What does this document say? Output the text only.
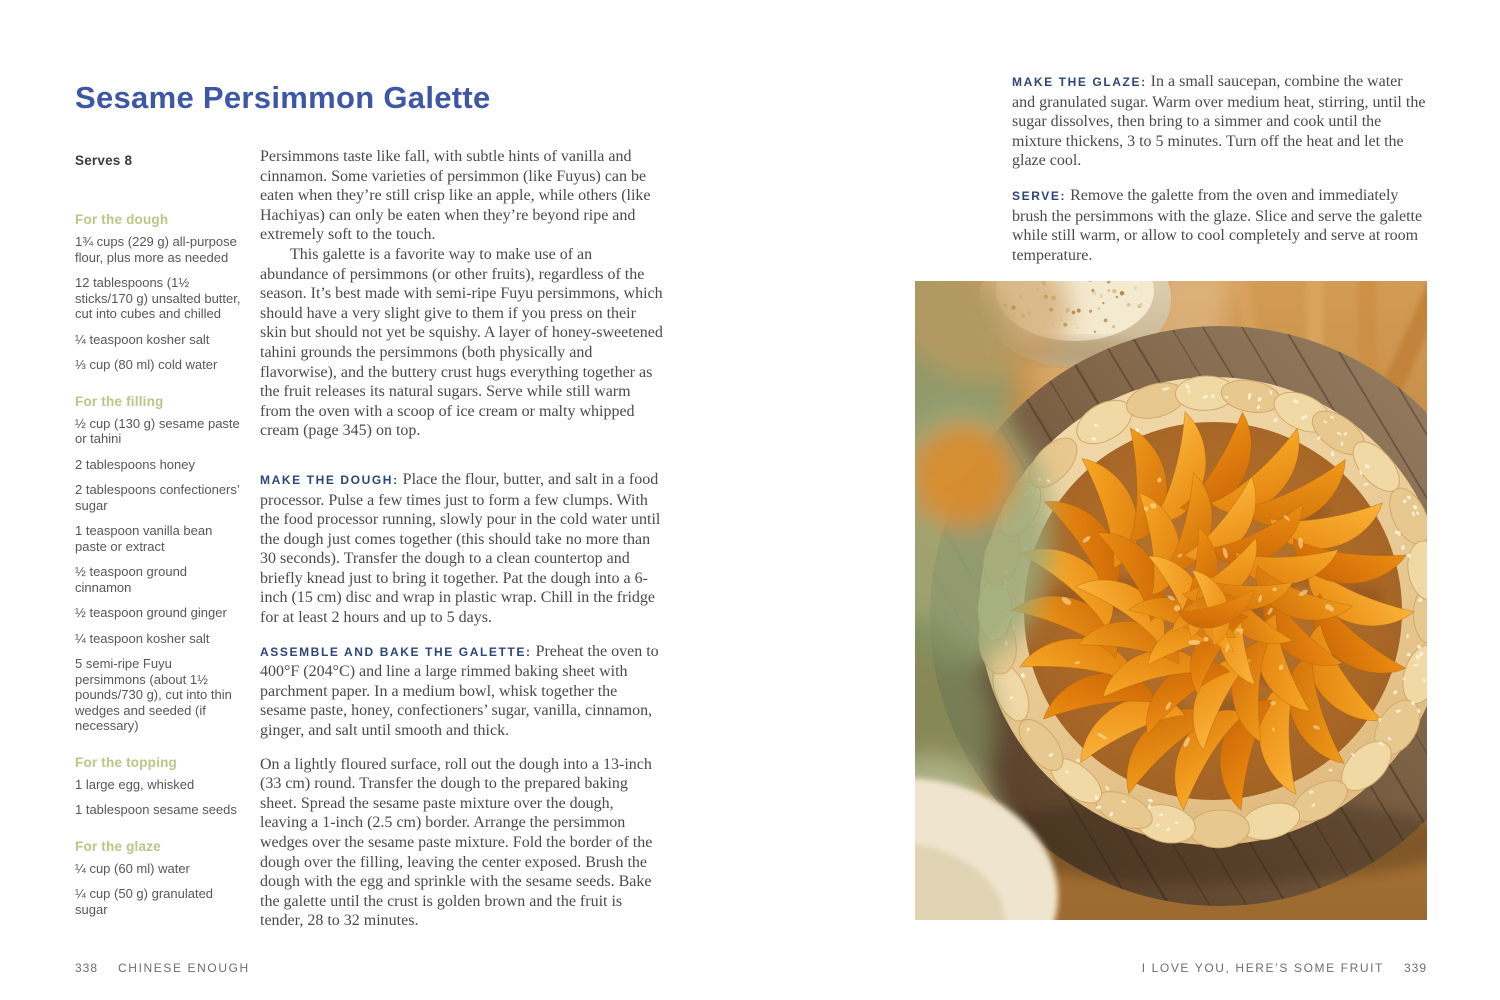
Sesame Persimmon Galette
Serves 8
For the dough

1¾ cups (229 g) all-purpose flour, plus more as needed

12 tablespoons (1½ sticks/170 g) unsalted butter, cut into cubes and chilled

¼ teaspoon kosher salt

⅓ cup (80 ml) cold water

For the filling

½ cup (130 g) sesame paste or tahini

2 tablespoons honey

2 tablespoons confectioners’ sugar

1 teaspoon vanilla bean paste or extract

½ teaspoon ground cinnamon

½ teaspoon ground ginger

¼ teaspoon kosher salt

5 semi-ripe Fuyu persimmons (about 1½ pounds/730 g), cut into thin wedges and seeded (if necessary)

For the topping

1 large egg, whisked

1 tablespoon sesame seeds

For the glaze

¼ cup (60 ml) water

¼ cup (50 g) granulated sugar

Persimmons taste like fall, with subtle hints of vanilla and cinnamon. Some varieties of persimmon (like Fuyus) can be eaten when they’re still crisp like an apple, while others (like Hachiyas) can only be eaten when they’re beyond ripe and extremely soft to the touch.

This galette is a favorite way to make use of an abundance of persimmons (or other fruits), regardless of the season. It’s best made with semi-ripe Fuyu persimmons, which should have a very slight give to them if you press on their skin but should not yet be squishy. A layer of honey-sweetened tahini grounds the persimmons (both physically and flavorwise), and the buttery crust hugs everything together as the fruit releases its natural sugars. Serve while still warm from the oven with a scoop of ice cream or malty whipped cream (page 345) on top.

MAKE THE DOUGH: Place the flour, butter, and salt in a food processor. Pulse a few times just to form a few clumps. With the food processor running, slowly pour in the cold water until the dough just comes together (this should take no more than 30 seconds). Transfer the dough to a clean countertop and briefly knead just to bring it together. Pat the dough into a 6-inch (15 cm) disc and wrap in plastic wrap. Chill in the fridge for at least 2 hours and up to 5 days.

ASSEMBLE AND BAKE THE GALETTE: Preheat the oven to 400°F (204°C) and line a large rimmed baking sheet with parchment paper. In a medium bowl, whisk together the sesame paste, honey, confectioners’ sugar, vanilla, cinnamon, ginger, and salt until smooth and thick.

On a lightly floured surface, roll out the dough into a 13-inch (33 cm) round. Transfer the dough to the prepared baking sheet. Spread the sesame paste mixture over the dough, leaving a 1-inch (2.5 cm) border. Arrange the persimmon wedges over the sesame paste mixture. Fold the border of the dough over the filling, leaving the center exposed. Brush the dough with the egg and sprinkle with the sesame seeds. Bake the galette until the crust is golden brown and the fruit is tender, 28 to 32 minutes.

338 CHINESE ENOUGH

MAKE THE GLAZE: In a small saucepan, combine the water and granulated sugar. Warm over medium heat, stirring, until the sugar dissolves, then bring to a simmer and cook until the mixture thickens, 3 to 5 minutes. Turn off the heat and let the glaze cool.

SERVE: Remove the galette from the oven and immediately brush the persimmons with the glaze. Slice and serve the galette while still warm, or allow to cool completely and serve at room temperature.

I LOVE YOU, HERE’S SOME FRUIT 339
